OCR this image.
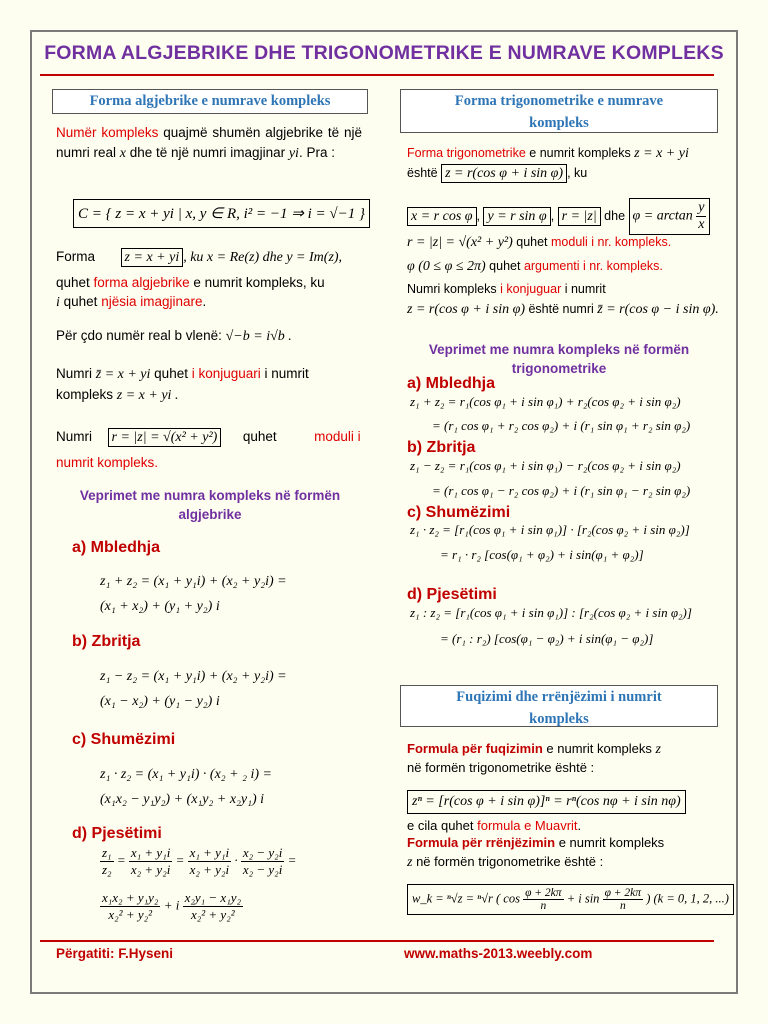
FORMA ALGJEBRIKE DHE TRIGONOMETRIKE E NUMRAVE KOMPLEKS
Forma algjebrike e numrave kompleks
Numër kompleks quajmë shumën algjebrike të një numri real x dhe të një numri imagjinar yi. Pra :
C = { z = x + yi | x, y ∈ R, i² = −1 ⇒ i = √−1 }
Forma z = x + yi , ku x = Re(z) dhe y = Im(z),
quhet forma algjebrike e numrit kompleks, ku
i quhet njësia imagjinare.
Për çdo numër real b vlenë: √−b = i√b .
Numri z̄ = x + yi quhet i konjuguari i numrit
kompleks z = x + yi .
Numri r = |z| = √(x² + y²) quhet	moduli i
numrit kompleks.
Veprimet me numra kompleks në formën
algjebrike
a) Mbledhja
z₁ + z₂ = (x₁ + y₁i) + (x₂ + y₂i) =
(x₁ + x₂) + (y₁ + y₂) i
b) Zbritja
z₁ − z₂ = (x₁ + y₁i) + (x₂ + y₂i) =
(x₁ − x₂) + (y₁ − y₂) i
c) Shumëzimi
z₁ · z₂ = (x₁ + y₁i) · (x₂ + ₂ i) =
(x₁x₂ − y₁y₂) + (x₁y₂ + x₂y₁) i
d) Pjesëtimi
$\frac{\text{z₁}}{\text{z₂}} = \frac{\text{x₁ + y₁i}}{\text{x₂ + y₂i}} = \frac{\text{x₁ + y₁i}}{\text{x₂ + y₂i}} \cdot \frac{\text{x₂ − y₂i}}{\text{x₂ − y₂i}}$ =
$\frac{\text{x₁x₂ + y₁y₂}}{\text{x₂² + y₂²}} + i \frac{\text{x₂y₁ − x₁y₂}}{\text{x₂² + y₂²}}$
Forma trigonometrike e numrave kompleks
Forma trigonometrike e numrit kompleks z = x + yi
është z = r(cos φ + i sin φ) , ku
x = r cos φ , y = r sin φ , r = |z| dhe $\varphi = \arctan \frac{y}{x}$
r = |z| = √(x² + y²) quhet moduli i nr. kompleks.
φ (0 ≤ φ ≤ 2π) quhet argumenti i nr. kompleks.
Numri kompleks i konjuguar i numrit
z = r(cos φ + i sin φ) është numri z̄ = r(cos φ − i sin φ).
Veprimet me numra kompleks në formën
trigonometrike
a) Mbledhja
z₁ + z₂ = r₁(cos φ₁ + i sin φ₁) + r₂(cos φ₂ + i sin φ₂)
= (r₁ cos φ₁ + r₂ cos φ₂) + i (r₁ sin φ₁ + r₂ sin φ₂)
b) Zbritja
z₁ − z₂ = r₁(cos φ₁ + i sin φ₁) − r₂(cos φ₂ + i sin φ₂)
= (r₁ cos φ₁ − r₂ cos φ₂) + i (r₁ sin φ₁ − r₂ sin φ₂)
c) Shumëzimi
z₁ · z₂ = [r₁(cos φ₁ + i sin φ₁)] · [r₂(cos φ₂ + i sin φ₂)]
= r₁ · r₂ [cos(φ₁ + φ₂) + i sin(φ₁ + φ₂)]
d) Pjesëtimi
z₁ : z₂ = [r₁(cos φ₁ + i sin φ₁)] : [r₂(cos φ₂ + i sin φ₂)]
= (r₁ : r₂) [cos(φ₁ − φ₂) + i sin(φ₁ − φ₂)]
Fuqizimi dhe rrënjëzimi i numrit kompleks
Formula për fuqizimin e numrit kompleks z
në formën trigonometrike është :
zⁿ = [r(cos φ + i sin φ)]ⁿ = rⁿ(cos nφ + i sin nφ)
e cila quhet formula e Muavrit.
Formula për rrënjëzimin e numrit kompleks
z në formën trigonometrike është :
w_k = ⁿ√z = ⁿ√r ( $\cos \frac{\varphi + 2k\pi}{n} + i$ $\sin \frac{\varphi + 2k\pi}{n}$ ) (k = 0, 1, 2, ...)
Përgatiti: F.Hyseni	www.maths-2013.weebly.com
